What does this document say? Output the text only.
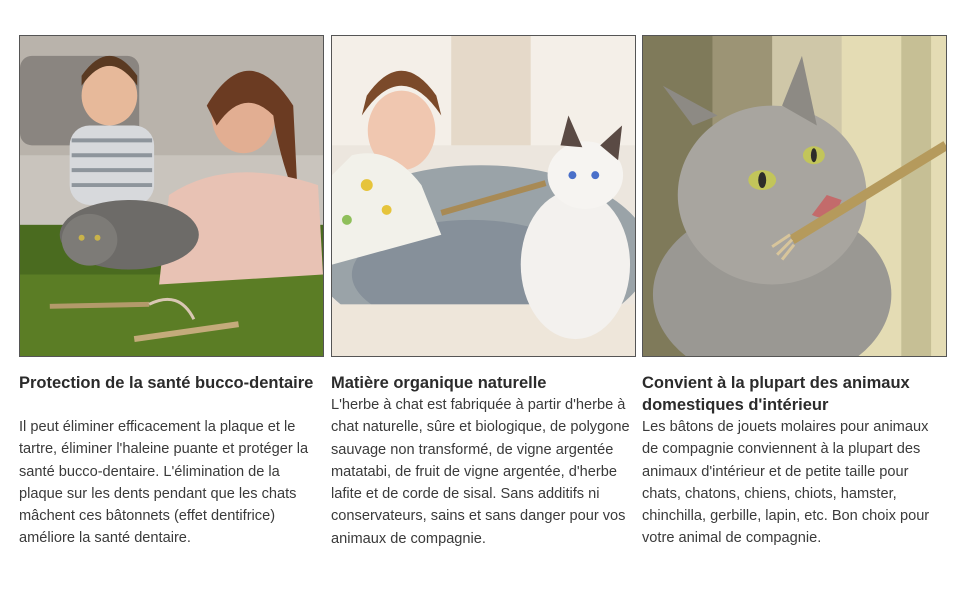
Protection de la santé bucco-dentaire

Il peut éliminer efficacement la plaque et le tartre, éliminer l'haleine puante et protéger la santé bucco-dentaire. L'élimination de la plaque sur les dents pendant que les chats mâchent ces bâtonnets (effet dentifrice) améliore la santé dentaire.

Matière organique naturelle

L'herbe à chat est fabriquée à partir d'herbe à chat naturelle, sûre et biologique, de polygone sauvage non transformé, de vigne argentée matatabi, de fruit de vigne argentée, d'herbe lafite et de corde de sisal. Sans additifs ni conservateurs, sains et sans danger pour vos animaux de compagnie.

Convient à la plupart des animaux domestiques d'intérieur

Les bâtons de jouets molaires pour animaux de compagnie conviennent à la plupart des animaux d'intérieur et de petite taille pour chats, chatons, chiens, chiots, hamster, chinchilla, gerbille, lapin, etc. Bon choix pour votre animal de compagnie.
